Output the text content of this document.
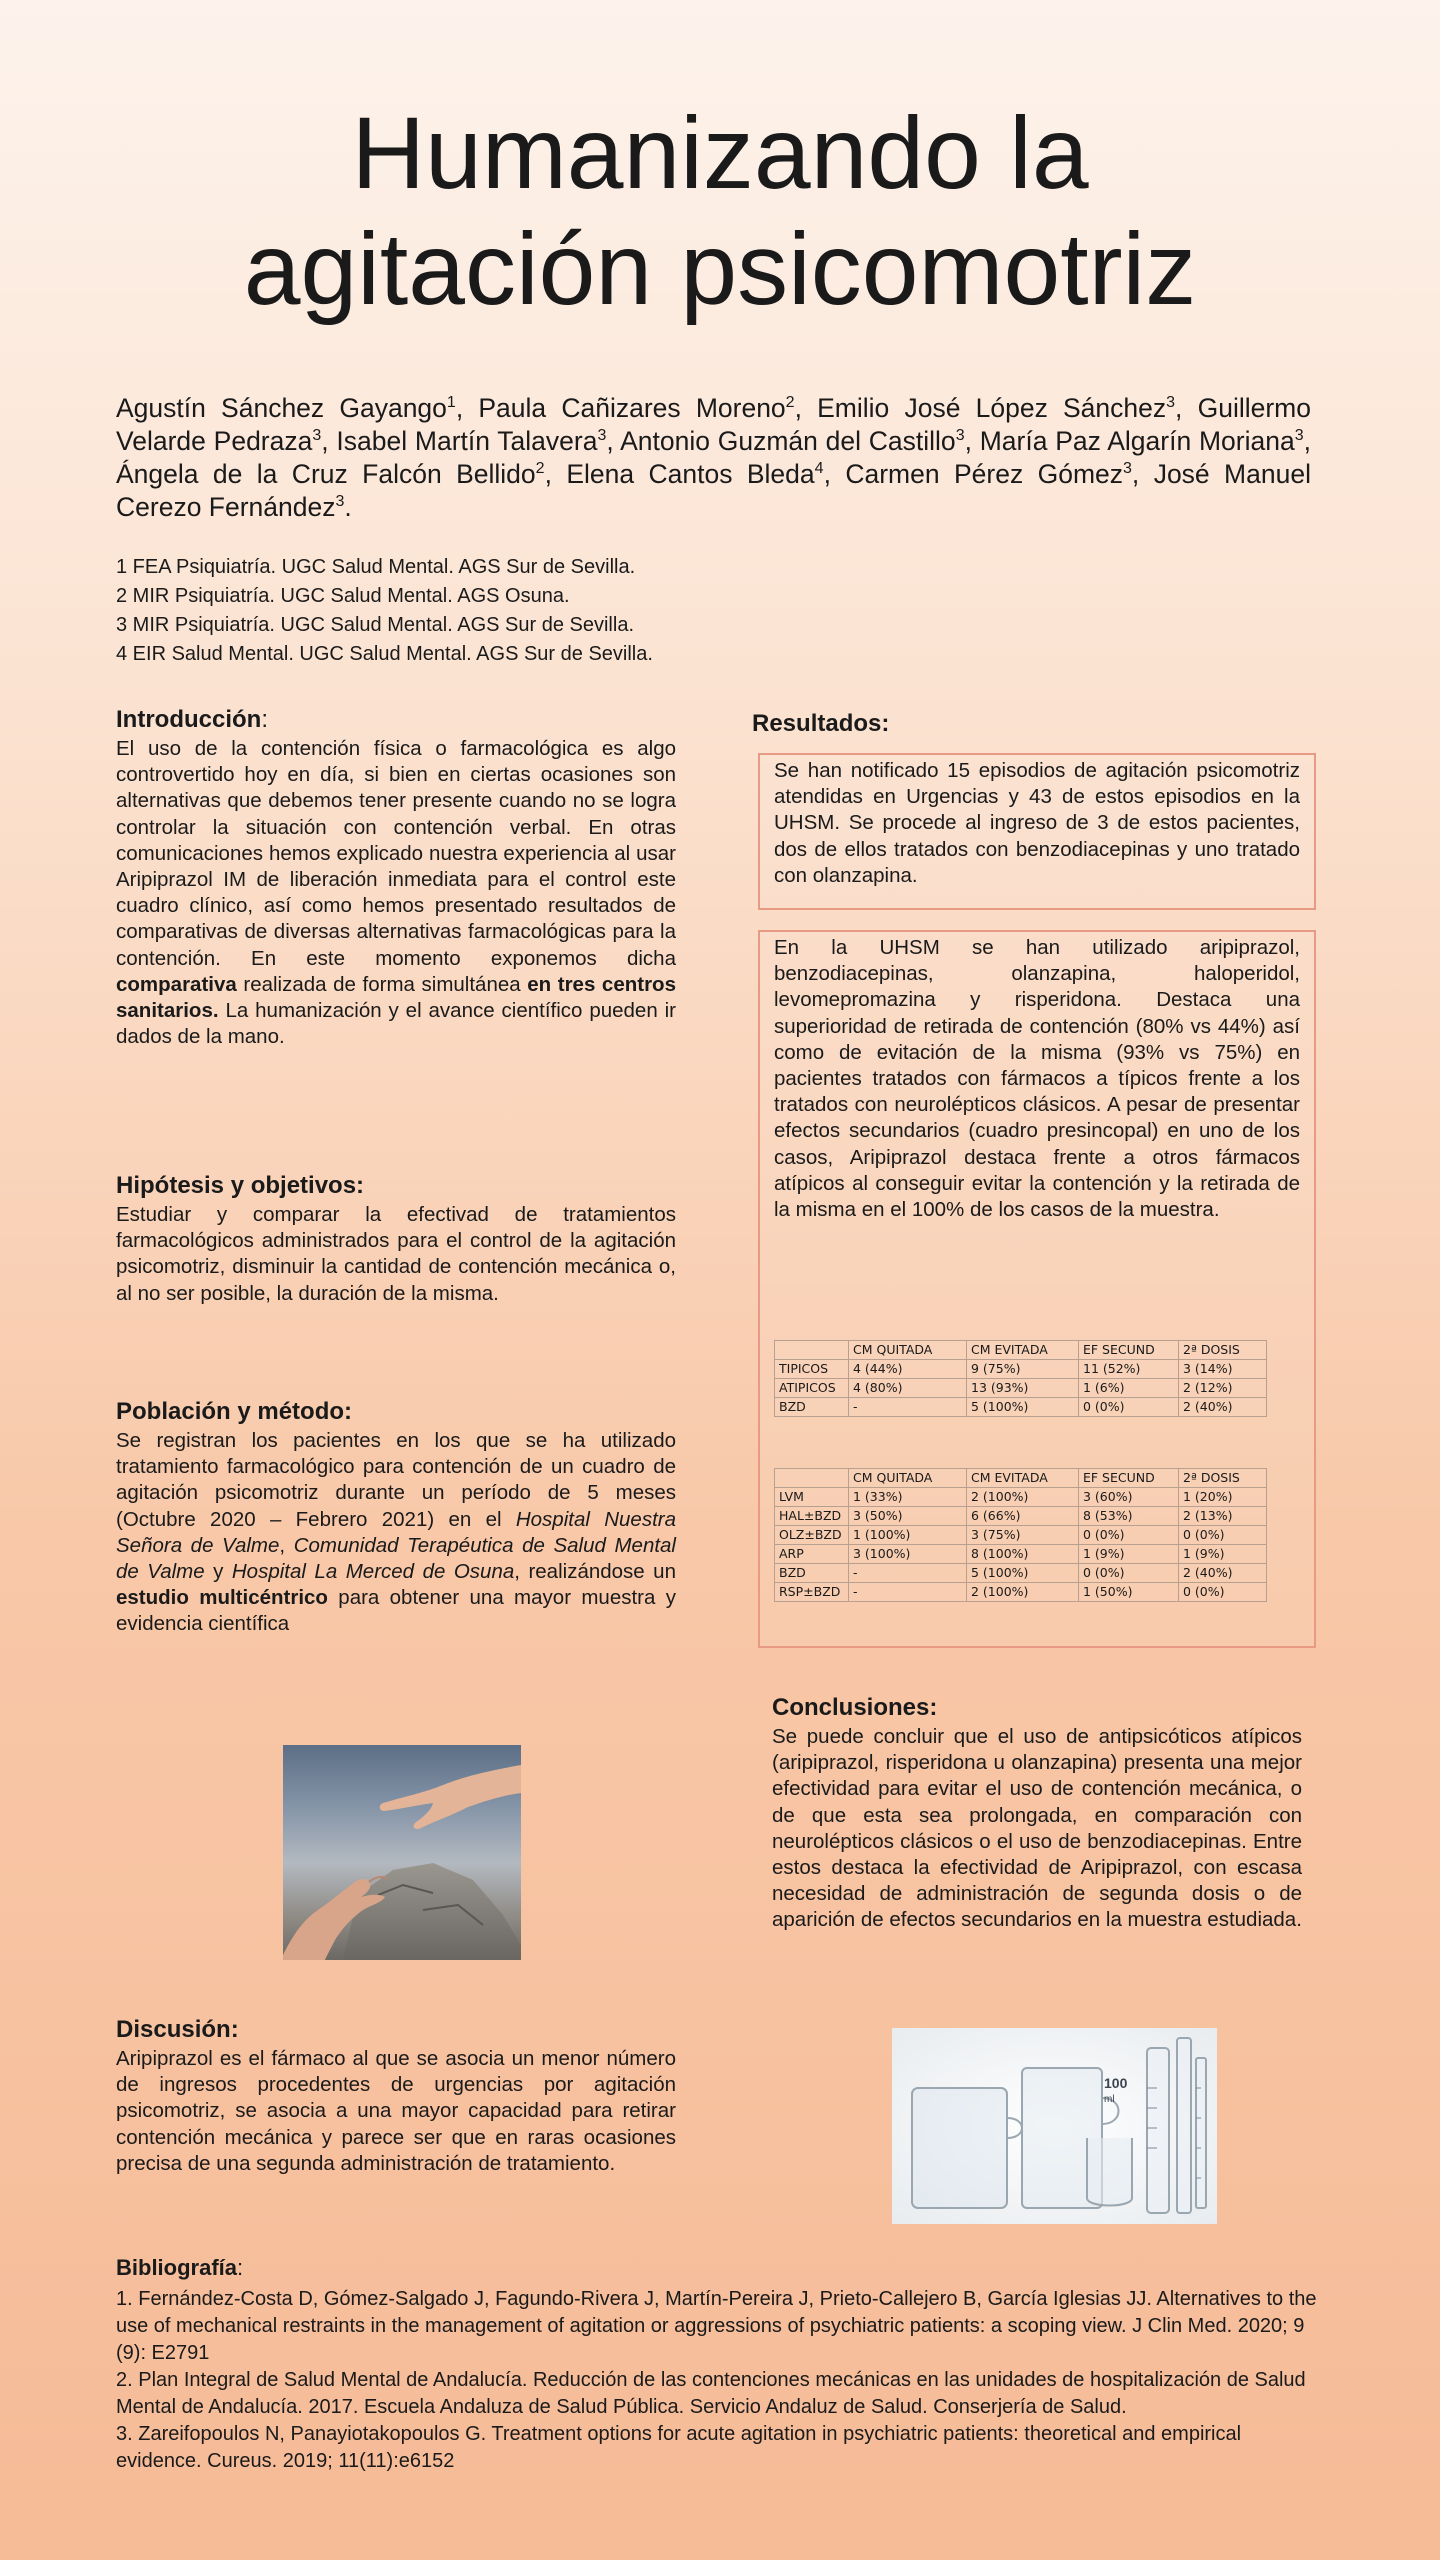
Humanizando la
agitación psicomotriz
Agustín Sánchez Gayango$^1$, Paula Cañizares Moreno$^2$, Emilio José López Sánchez$^3$, Guillermo Velarde Pedraza$^3$, Isabel Martín Talavera$^3$, Antonio Guzmán del Castillo$^3$, María Paz Algarín Moriana$^3$, Ángela de la Cruz Falcón Bellido$^2$, Elena Cantos Bleda$^4$, Carmen Pérez Gómez$^3$, José Manuel Cerezo Fernández$^3$.
1 FEA Psiquiatría. UGC Salud Mental. AGS Sur de Sevilla.
2 MIR Psiquiatría. UGC Salud Mental. AGS Osuna.
3 MIR Psiquiatría. UGC Salud Mental. AGS Sur de Sevilla.
4 EIR Salud Mental. UGC Salud Mental. AGS Sur de Sevilla.
Introducción:

El uso de la contención física o farmacológica es algo controvertido hoy en día, si bien en ciertas ocasiones son alternativas que debemos tener presente cuando no se logra controlar la situación con contención verbal. En otras comunicaciones hemos explicado nuestra experiencia al usar Aripiprazol IM de liberación inmediata para el control este cuadro clínico, así como hemos presentado resultados de comparativas de diversas alternativas farmacológicas para la contención. En este momento exponemos dicha comparativa realizada de forma simultánea en tres centros sanitarios. La humanización y el avance científico pueden ir dados de la mano.

Hipótesis y objetivos:

Estudiar y comparar la efectivad de tratamientos farmacológicos administrados para el control de la agitación psicomotriz, disminuir la cantidad de contención mecánica o, al no ser posible, la duración de la misma.

Población y método:

Se registran los pacientes en los que se ha utilizado tratamiento farmacológico para contención de un cuadro de agitación psicomotriz durante un período de 5 meses (Octubre 2020 – Febrero 2021) en el Hospital Nuestra Señora de Valme, Comunidad Terapéutica de Salud Mental de Valme y Hospital La Merced de Osuna, realizándose un estudio multicéntrico para obtener una mayor muestra y evidencia científica

Discusión:

Aripiprazol es el fármaco al que se asocia un menor número de ingresos procedentes de urgencias por agitación psicomotriz, se asocia a una mayor capacidad para retirar contención mecánica y parece ser que en raras ocasiones precisa de una segunda administración de tratamiento.

Resultados:

Se han notificado 15 episodios de agitación psicomotriz atendidas en Urgencias y 43 de estos episodios en la UHSM. Se procede al ingreso de 3 de estos pacientes, dos de ellos tratados con benzodiacepinas y uno tratado con olanzapina.

En la UHSM se han utilizado aripiprazol, benzodiacepinas, olanzapina, haloperidol, levomepromazina y risperidona. Destaca una superioridad de retirada de contención (80% vs 44%) así como de evitación de la misma (93% vs 75%) en pacientes tratados con fármacos a típicos frente a los tratados con neurolépticos clásicos. A pesar de presentar efectos secundarios (cuadro presincopal) en uno de los casos, Aripiprazol destaca frente a otros fármacos atípicos al conseguir evitar la contención y la retirada de la misma en el 100% de los casos de la muestra.

	CM QUITADA	CM EVITADA	EF SECUND	2ª DOSIS
TIPICOS	4 (44%)	9 (75%)	11 (52%)	3 (14%)
ATIPICOS	4 (80%)	13 (93%)	1 (6%)	2 (12%)
BZD	-	5 (100%)	0 (0%)	2 (40%)
	CM QUITADA	CM EVITADA	EF SECUND	2ª DOSIS
LVM	1 (33%)	2 (100%)	3 (60%)	1 (20%)
HAL±BZD	3 (50%)	6 (66%)	8 (53%)	2 (13%)
OLZ±BZD	1 (100%)	3 (75%)	0 (0%)	0 (0%)
ARP	3 (100%)	8 (100%)	1 (9%)	1 (9%)
BZD	-	5 (100%)	0 (0%)	2 (40%)
RSP±BZD	-	2 (100%)	1 (50%)	0 (0%)
Conclusiones:

Se puede concluir que el uso de antipsicóticos atípicos (aripiprazol, risperidona u olanzapina) presenta una mejor efectividad para evitar el uso de contención mecánica, o de que esta sea prolongada, en comparación con neurolépticos clásicos o el uso de benzodiacepinas. Entre estos destaca la efectividad de Aripiprazol, con escasa necesidad de administración de segunda dosis o de aparición de efectos secundarios en la muestra estudiada.

100
ml
Bibliografía:

1. Fernández-Costa D, Gómez-Salgado J, Fagundo-Rivera J, Martín-Pereira J, Prieto-Callejero B, García Iglesias JJ. Alternatives to the use of mechanical restraints in the management of agitation or aggressions of psychiatric patients: a scoping view. J Clin Med. 2020; 9 (9): E2791

2. Plan Integral de Salud Mental de Andalucía. Reducción de las contenciones mecánicas en las unidades de hospitalización de Salud Mental de Andalucía. 2017. Escuela Andaluza de Salud Pública. Servicio Andaluz de Salud. Conserjería de Salud.

3. Zareifopoulos N, Panayiotakopoulos G. Treatment options for acute agitation in psychiatric patients: theoretical and empirical evidence. Cureus. 2019; 11(11):e6152
